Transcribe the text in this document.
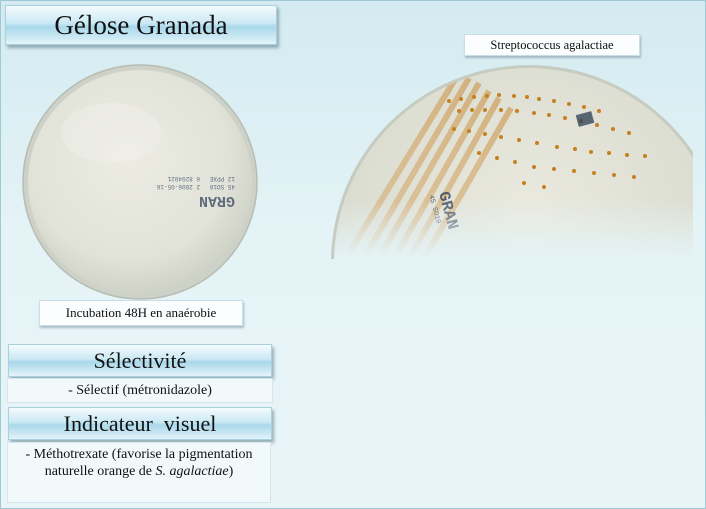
Gélose Granada
GRAN
45 SO10
12 PPXE
2 2006-05-16
6 8204021
Incubation 48H en anaérobie
Streptococcus agalactiae
Sélectivité
- Sélectif (métronidazole)
Indicateur  visuel
- Méthotrexate (favorise la pigmentation naturelle orange de S. agalactiae)
